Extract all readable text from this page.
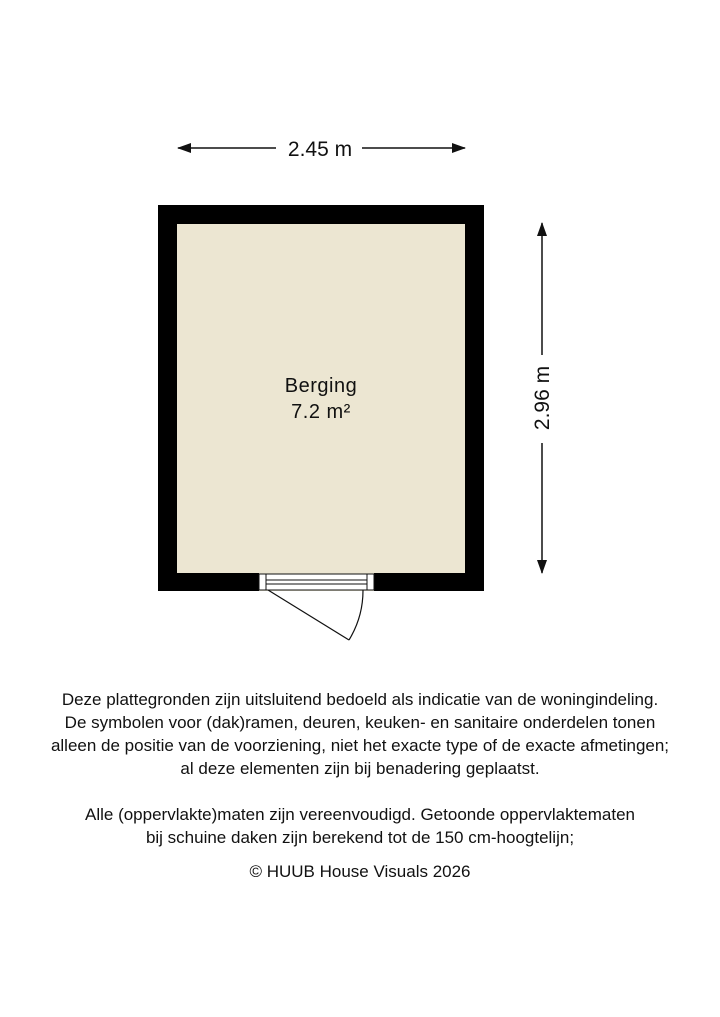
2.45 m
2.96 m
Berging
7.2 m²

Deze plattegronden zijn uitsluitend bedoeld als indicatie van de woningindeling.

De symbolen voor (dak)ramen, deuren, keuken- en sanitaire onderdelen tonen

alleen de positie van de voorziening, niet het exacte type of de exacte afmetingen;

al deze elementen zijn bij benadering geplaatst.

Alle (oppervlakte)maten zijn vereenvoudigd. Getoonde oppervlaktematen

bij schuine daken zijn berekend tot de 150 cm-hoogtelijn;

© HUUB House Visuals 2026
